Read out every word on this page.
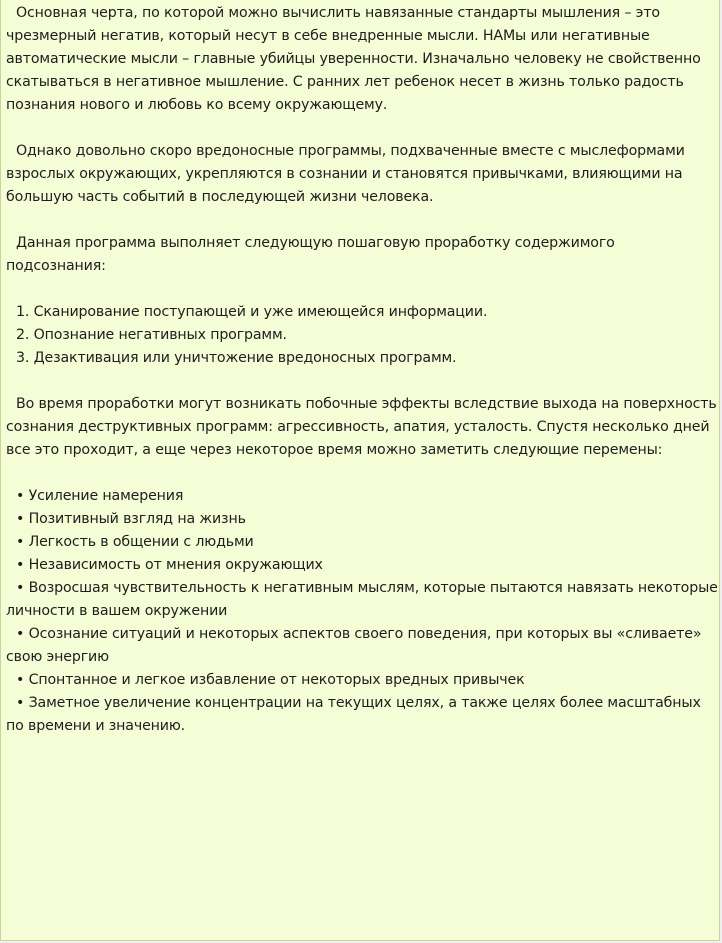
Основная черта, по которой можно вычислить навязанные стандарты мышления – это чрезмерный негатив, который несут в себе внедренные мысли. НАМы или негативные автоматические мысли – главные убийцы уверенности. Изначально человеку не свойственно скатываться в негативное мышление. С ранних лет ребенок несет в жизнь только радость познания нового и любовь ко всему окружающему.

Однако довольно скоро вредоносные программы, подхваченные вместе с мыслеформами взрослых окружающих, укрепляются в сознании и становятся привычками, влияющими на большую часть событий в последующей жизни человека.

Данная программа выполняет следующую пошаговую проработку содержимого подсознания:

1. Сканирование поступающей и уже имеющейся информации.

2. Опознание негативных программ.

3. Дезактивация или уничтожение вредоносных программ.

Во время проработки могут возникать побочные эффекты вследствие выхода на поверхность сознания деструктивных программ: агрессивность, апатия, усталость. Спустя несколько дней все это проходит, а еще через некоторое время можно заметить следующие перемены:

• Усиление намерения

• Позитивный взгляд на жизнь

• Легкость в общении с людьми

• Независимость от мнения окружающих

• Возросшая чувствительность к негативным мыслям, которые пытаются навязать некоторые личности в вашем окружении

• Осознание ситуаций и некоторых аспектов своего поведения, при которых вы «сливаете» свою энергию

• Спонтанное и легкое избавление от некоторых вредных привычек

• Заметное увеличение концентрации на текущих целях, а также целях более масштабных по времени и значению.
